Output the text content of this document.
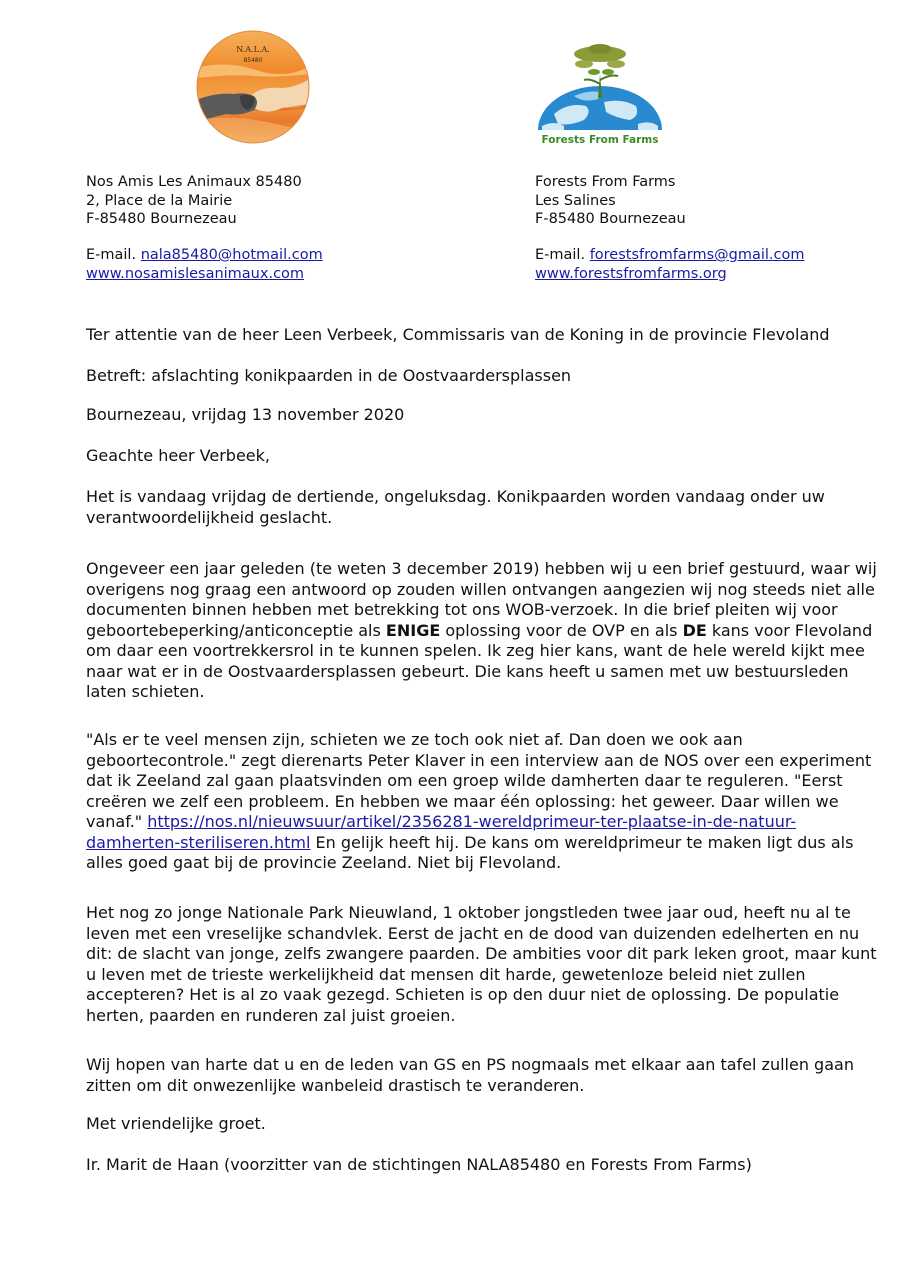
N.A.L.A.
85480
Forests From Farms
Nos Amis Les Animaux 85480
2, Place de la Mairie
F-85480 Bournezeau
E-mail. nala85480@hotmail.com
www.nosamislesanimaux.com
Forests From Farms
Les Salines
F-85480 Bournezeau
E-mail. forestsfromfarms@gmail.com
www.forestsfromfarms.org
Ter attentie van de heer Leen Verbeek, Commissaris van de Koning in de provincie Flevoland
Betreft: afslachting konikpaarden in de Oostvaardersplassen
Bournezeau, vrijdag 13 november 2020
Geachte heer Verbeek,
Het is vandaag vrijdag de dertiende, ongeluksdag. Konikpaarden worden vandaag onder uw
verantwoordelijkheid geslacht.
Ongeveer een jaar geleden (te weten 3 december 2019) hebben wij u een brief gestuurd, waar wij
overigens nog graag een antwoord op zouden willen ontvangen aangezien wij nog steeds niet alle
documenten binnen hebben met betrekking tot ons WOB-verzoek. In die brief pleiten wij voor
geboortebeperking/anticonceptie als ENIGE oplossing voor de OVP en als DE kans voor Flevoland
om daar een voortrekkersrol in te kunnen spelen. Ik zeg hier kans, want de hele wereld kijkt mee
naar wat er in de Oostvaardersplassen gebeurt. Die kans heeft u samen met uw bestuursleden
laten schieten.
"Als er te veel mensen zijn, schieten we ze toch ook niet af. Dan doen we ook aan
geboortecontrole." zegt dierenarts Peter Klaver in een interview aan de NOS over een experiment
dat ik Zeeland zal gaan plaatsvinden om een groep wilde damherten daar te reguleren. "Eerst
creëren we zelf een probleem. En hebben we maar één oplossing: het geweer. Daar willen we
vanaf." https://nos.nl/nieuwsuur/artikel/2356281-wereldprimeur-ter-plaatse-in-de-natuur-
damherten-steriliseren.html En gelijk heeft hij. De kans om wereldprimeur te maken ligt dus als
alles goed gaat bij de provincie Zeeland. Niet bij Flevoland.
Het nog zo jonge Nationale Park Nieuwland, 1 oktober jongstleden twee jaar oud, heeft nu al te
leven met een vreselijke schandvlek. Eerst de jacht en de dood van duizenden edelherten en nu
dit: de slacht van jonge, zelfs zwangere paarden. De ambities voor dit park leken groot, maar kunt
u leven met de trieste werkelijkheid dat mensen dit harde, gewetenloze beleid niet zullen
accepteren? Het is al zo vaak gezegd. Schieten is op den duur niet de oplossing. De populatie
herten, paarden en runderen zal juist groeien.
Wij hopen van harte dat u en de leden van GS en PS nogmaals met elkaar aan tafel zullen gaan
zitten om dit onwezenlijke wanbeleid drastisch te veranderen.
Met vriendelijke groet.
Ir. Marit de Haan (voorzitter van de stichtingen NALA85480 en Forests From Farms)
